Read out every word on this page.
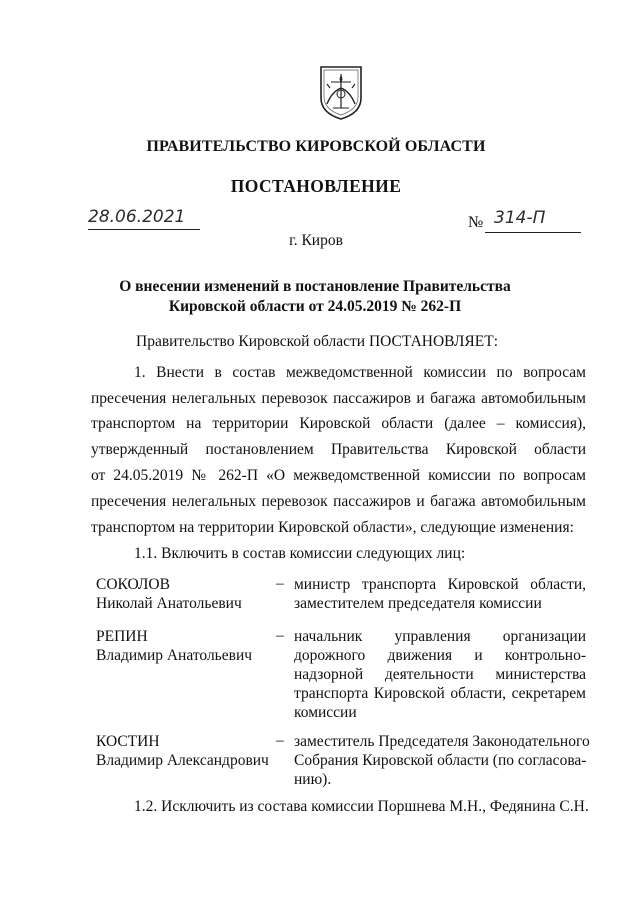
ПРАВИТЕЛЬСТВО КИРОВСКОЙ ОБЛАСТИ
ПОСТАНОВЛЕНИЕ
28.06.2021	№ 314-П
г. Киров
О внесении изменений в постановление Правительства
Кировской области от 24.05.2019 № 262-П
Правительство Кировской области ПОСТАНОВЛЯЕТ:
1. Внести в состав межведомственной комиссии по вопросам
пресечения нелегальных перевозок пассажиров и багажа автомобильным
транспортом на территории Кировской области (далее – комиссия),
утвержденный постановлением Правительства Кировской области
от 24.05.2019 № 262-П «О межведомственной комиссии по вопросам
пресечения нелегальных перевозок пассажиров и багажа автомобильным
транспортом на территории Кировской области», следующие изменения:
1.1. Включить в состав комиссии следующих лиц:
СОКОЛОВ
Николай Анатольевич
– министр транспорта Кировской области,
заместителем председателя комиссии
РЕПИН
Владимир Анатольевич
– начальник управления организации
дорожного движения и контрольно-
надзорной деятельности министерства
транспорта Кировской области, секретарем
комиссии
КОСТИН
Владимир Александрович
– заместитель Председателя Законодательного
Собрания Кировской области (по согласова-
нию).
1.2. Исключить из состава комиссии Поршнева М.Н., Федянина С.Н.
